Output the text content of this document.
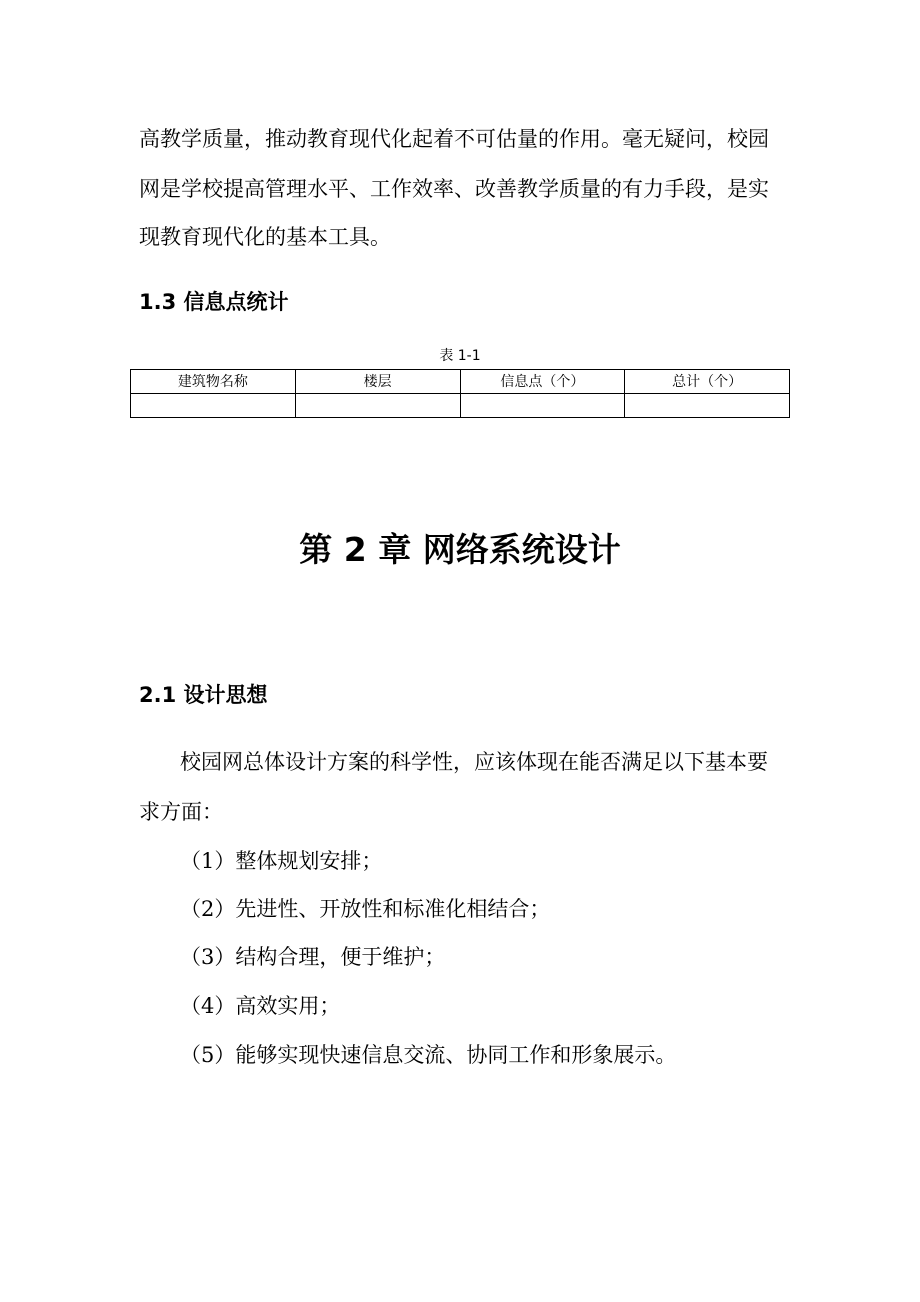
高教学质量，推动教育现代化起着不可估量的作用。毫无疑问，校园
网是学校提高管理水平、工作效率、改善教学质量的有力手段，是实
现教育现代化的基本工具。
1.3 信息点统计
表 1-1
建筑物名称	楼层	信息点（个）	总计（个）

第 2 章 网络系统设计
2.1 设计思想
校园网总体设计方案的科学性，应该体现在能否满足以下基本要
求方面：
（1）整体规划安排；
（2）先进性、开放性和标准化相结合；
（3）结构合理，便于维护；
（4）高效实用；
（5）能够实现快速信息交流、协同工作和形象展示。
